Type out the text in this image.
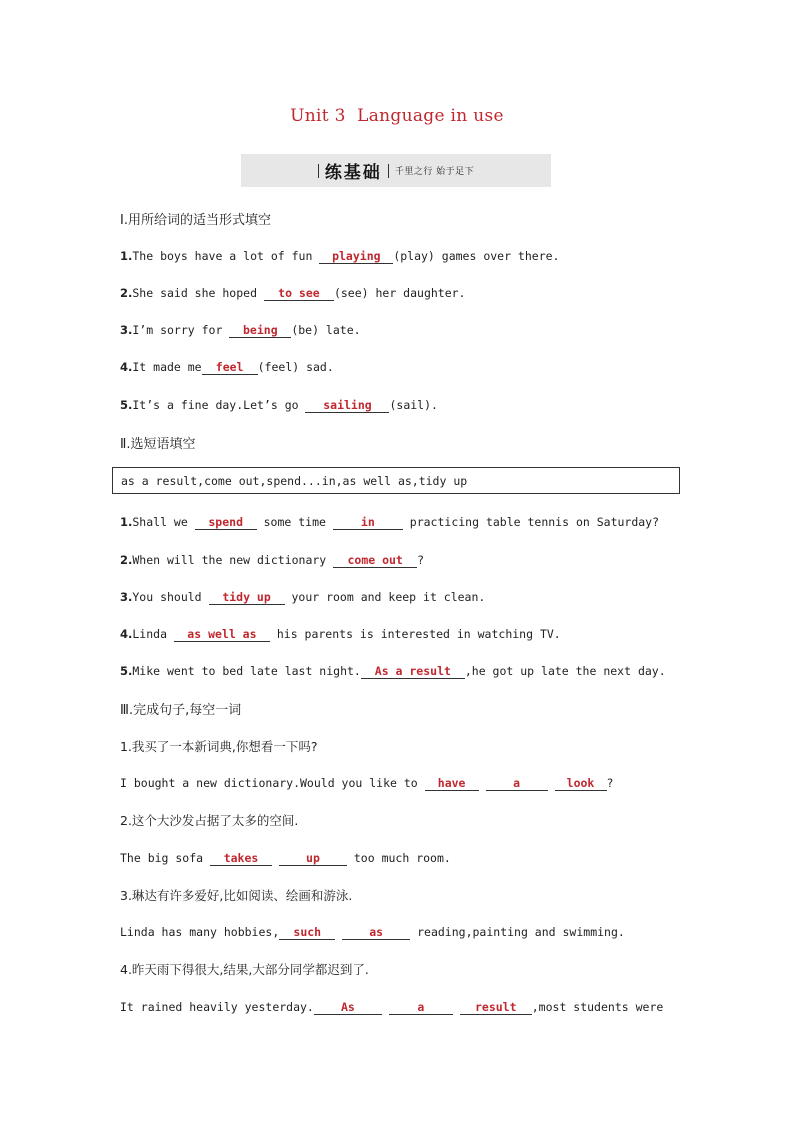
Unit 3 Language in use
练基础 千里之行 始于足下
Ⅰ.用所给词的适当形式填空
1.The boys have a lot of fun playing (play) games over there.
2.She said she hoped to see (see) her daughter.
3.I’m sorry for being (be) late.
4.It made me feel (feel) sad.
5.It’s a fine day.Let’s go sailing (sail).
Ⅱ.选短语填空
as a result,come out,spend...in,as well as,tidy up
1.Shall we spend some time in practicing table tennis on Saturday?
2.When will the new dictionary come out ?
3.You should tidy up your room and keep it clean.
4.Linda as well as his parents is interested in watching TV.
5.Mike went to bed late last night. As a result ,he got up late the next day.
Ⅲ.完成句子,每空一词
1.我买了一本新词典,你想看一下吗?
I bought a new dictionary.Would you like to have	a	look ?
2.这个大沙发占据了太多的空间.
The big sofa takes	up too much room.
3.琳达有许多爱好,比如阅读、绘画和游泳.
Linda has many hobbies, such	as reading,painting and swimming.
4.昨天雨下得很大,结果,大部分同学都迟到了.
It rained heavily yesterday. As	a	result ,most students were
